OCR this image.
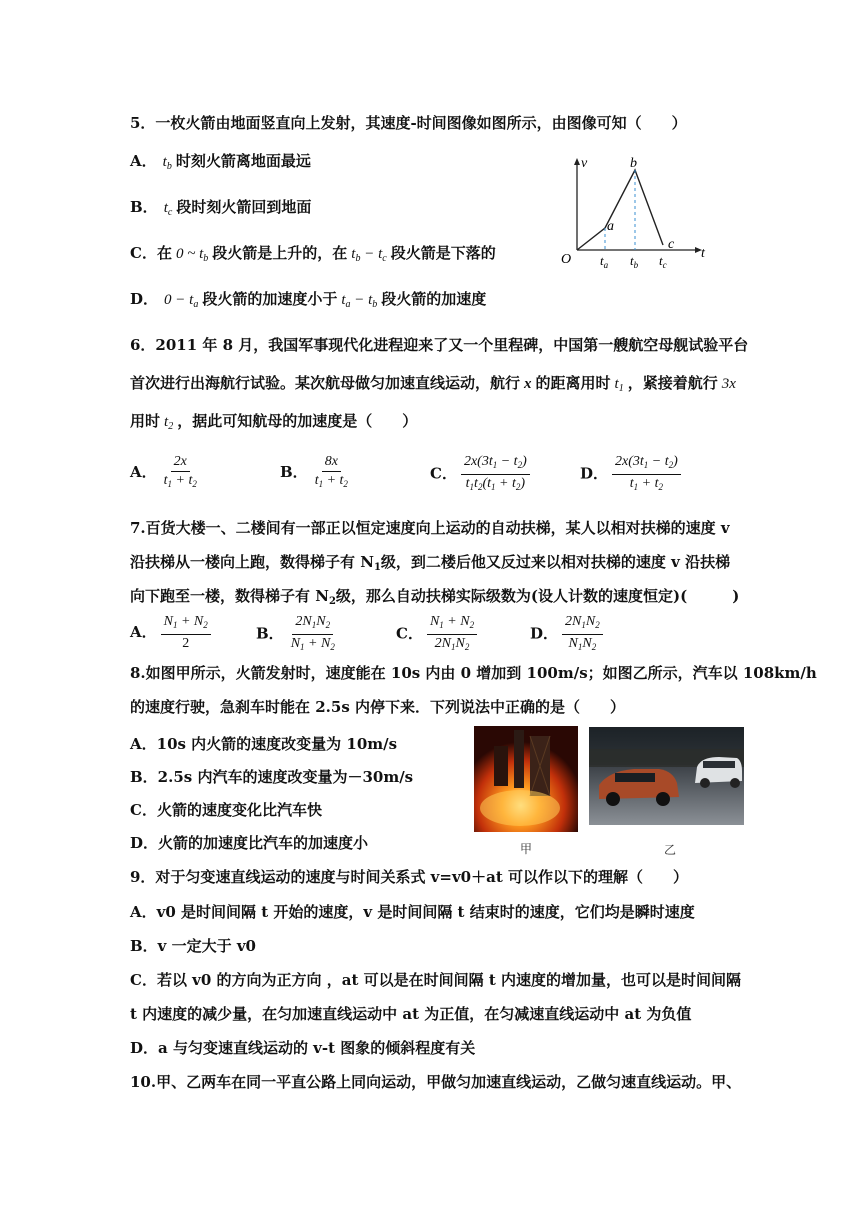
5．一枚火箭由地面竖直向上发射，其速度-时间图像如图所示，由图像可知（　　）
A． $t_b$ 时刻火箭离地面最远
B． $t_c$ 段时刻火箭回到地面
C．在 0 ~ $t_b$ 段火箭是上升的，在 $t_b - t_c$ 段火箭是下落的
D． $0 - t_a$ 段火箭的加速度小于 $t_a - t_b$ 段火箭的加速度
v
t
O
a
b
c
$t_a$ $t_b$ $t_c$
6．2011 年 8 月，我国军事现代化进程迎来了又一个里程碑，中国第一艘航空母舰试验平台
首次进行出海航行试验。某次航母做匀加速直线运动，航行 x 的距离用时 $t_1$ ，紧接着航行 3x
用时 $t_2$ ，据此可知航母的加速度是（　　）
A． $\frac{2x}{t_1 + t_2}$	B． $\frac{8x}{t_1 + t_2}$	C． $\frac{2x(3t_1 - t_2)}{t_1t_2(t_1 + t_2)}$	D． $\frac{2x(3t_1 - t_2)}{t_1 + t_2}$
7.百货大楼一、二楼间有一部正以恒定速度向上运动的自动扶梯，某人以相对扶梯的速度 v
沿扶梯从一楼向上跑，数得梯子有 $N_1$级，到二楼后他又反过来以相对扶梯的速度 v 沿扶梯
向下跑至一楼，数得梯子有 $N_2$级，那么自动扶梯实际级数为(设人计数的速度恒定)(　　　)
A． $\frac{N_1 + N_2}{2}$	B． $\frac{2N_1N_2}{N_1 + N_2}$	C． $\frac{N_1 + N_2}{2N_1N_2}$	D． $\frac{2N_1N_2}{N_1N_2}$
8.如图甲所示，火箭发射时，速度能在 10s 内由 0 增加到 100m/s；如图乙所示，汽车以 108km/h
的速度行驶，急刹车时能在 2.5s 内停下来．下列说法中正确的是（　　）
A．10s 内火箭的速度改变量为 10m/s
B．2.5s 内汽车的速度改变量为－30m/s
C．火箭的速度变化比汽车快
D．火箭的加速度比汽车的加速度小	甲	乙
9．对于匀变速直线运动的速度与时间关系式 v=v0＋at 可以作以下的理解（　　）
A．v0 是时间间隔 t 开始的速度，v 是时间间隔 t 结束时的速度，它们均是瞬时速度
B．v 一定大于 v0
C．若以 v0 的方向为正方向 ，at 可以是在时间间隔 t 内速度的增加量，也可以是时间间隔
t 内速度的减少量，在匀加速直线运动中 at 为正值，在匀减速直线运动中 at 为负值
D．a 与匀变速直线运动的 v-t 图象的倾斜程度有关
10.甲、乙两车在同一平直公路上同向运动，甲做匀加速直线运动，乙做匀速直线运动。甲、
